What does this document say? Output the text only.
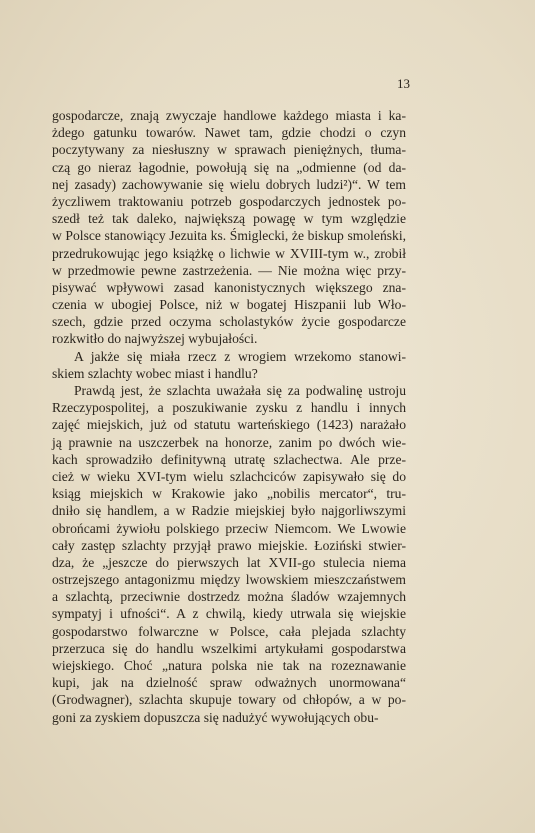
13
gospodarcze, znają zwyczaje handlowe każdego miasta i ka-
żdego gatunku towarów. Nawet tam, gdzie chodzi o czyn
poczytywany za niesłuszny w sprawach pieniężnych, tłuma-
czą go nieraz łagodnie, powołują się na „odmienne (od da-
nej zasady) zachowywanie się wielu dobrych ludzi²)“. W tem
życzliwem traktowaniu potrzeb gospodarczych jednostek po-
szedł też tak daleko, największą powagę w tym względzie
w Polsce stanowiący Jezuita ks. Śmiglecki, że biskup smoleński,
przedrukowując jego książkę o lichwie w XVIII-tym w., zrobił
w przedmowie pewne zastrzeżenia. — Nie można więc przy-
pisywać wpływowi zasad kanonistycznych większego zna-
czenia w ubogiej Polsce, niż w bogatej Hiszpanii lub Wło-
szech, gdzie przed oczyma scholastyków życie gospodarcze
rozkwitło do najwyższej wybujałości.
A jakże się miała rzecz z wrogiem wrzekomo stanowi-
skiem szlachty wobec miast i handlu?
Prawdą jest, że szlachta uważała się za podwalinę ustroju
Rzeczypospolitej, a poszukiwanie zysku z handlu i innych
zajęć miejskich, już od statutu warteńskiego (1423) narażało
ją prawnie na uszczerbek na honorze, zanim po dwóch wie-
kach sprowadziło definitywną utratę szlachectwa. Ale prze-
cież w wieku XVI-tym wielu szlachciców zapisywało się do
ksiąg miejskich w Krakowie jako „nobilis mercator“, tru-
dniło się handlem, a w Radzie miejskiej było najgorliwszymi
obrońcami żywiołu polskiego przeciw Niemcom. We Lwowie
cały zastęp szlachty przyjął prawo miejskie. Łoziński stwier-
dza, że „jeszcze do pierwszych lat XVII-go stulecia niema
ostrzejszego antagonizmu między lwowskiem mieszczaństwem
a szlachtą, przeciwnie dostrzedz można śladów wzajemnych
sympatyj i ufności“. A z chwilą, kiedy utrwala się wiejskie
gospodarstwo folwarczne w Polsce, cała plejada szlachty
przerzuca się do handlu wszelkimi artykułami gospodarstwa
wiejskiego. Choć „natura polska nie tak na rozeznawanie
kupi, jak na dzielność spraw odważnych unormowana“
(Grodwagner), szlachta skupuje towary od chłopów, a w po-
goni za zyskiem dopuszcza się nadużyć wywołujących obu-
